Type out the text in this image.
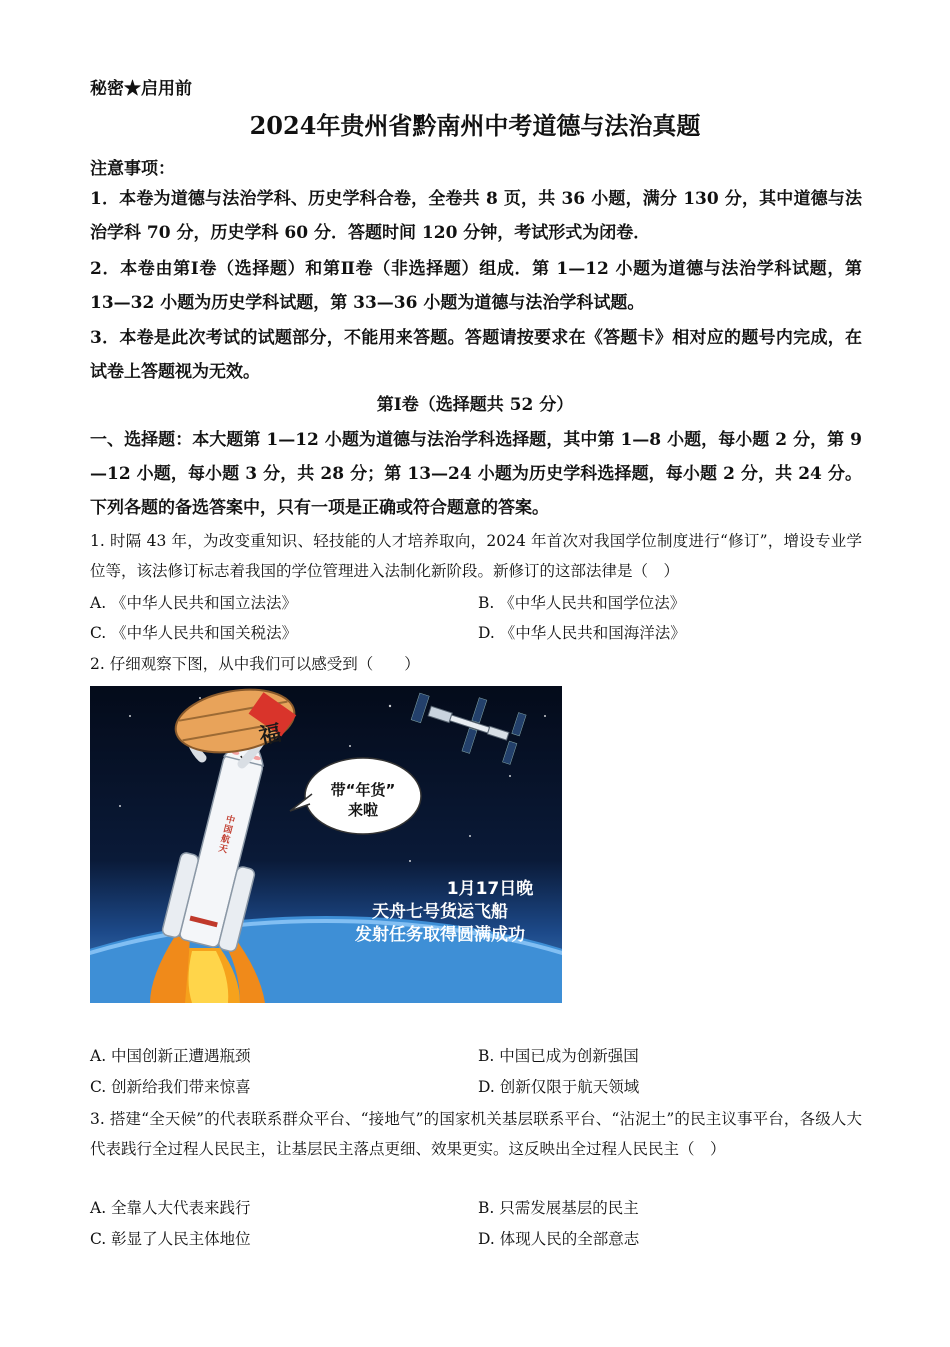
秘密★启用前
2024年贵州省黔南州中考道德与法治真题
注意事项：
1．本卷为道德与法治学科、历史学科合卷，全卷共 8 页，共 36 小题，满分 130 分，其中道德与法治学科 70 分，历史学科 60 分．答题时间 120 分钟，考试形式为闭卷．
2．本卷由第Ⅰ卷（选择题）和第Ⅱ卷（非选择题）组成．第 1—12 小题为道德与法治学科试题，第 13—32 小题为历史学科试题，第 33—36 小题为道德与法治学科试题。
3．本卷是此次考试的试题部分，不能用来答题。答题请按要求在《答题卡》相对应的题号内完成，在试卷上答题视为无效。
第Ⅰ卷（选择题共 52 分）
一、选择题：本大题第 1—12 小题为道德与法治学科选择题，其中第 1—8 小题，每小题 2 分，第 9—12 小题，每小题 3 分，共 28 分；第 13—24 小题为历史学科选择题，每小题 2 分，共 24 分。下列各题的备选答案中，只有一项是正确或符合题意的答案。
1. 时隔 43 年，为改变重知识、轻技能的人才培养取向，2024 年首次对我国学位制度进行“修订”，增设专业学位等，该法修订标志着我国的学位管理进入法制化新阶段。新修订的这部法律是（　）
A. 《中华人民共和国立法法》	B. 《中华人民共和国学位法》
C. 《中华人民共和国关税法》	D. 《中华人民共和国海洋法》
2. 仔细观察下图，从中我们可以感受到（　　）
福
中国航天
带“年货”
来啦
1月17日晚
天舟七号货运飞船
发射任务取得圆满成功
A. 中国创新正遭遇瓶颈	B. 中国已成为创新强国
C. 创新给我们带来惊喜	D. 创新仅限于航天领域
3. 搭建“全天候”的代表联系群众平台、“接地气”的国家机关基层联系平台、“沾泥土”的民主议事平台，各级人大代表践行全过程人民民主，让基层民主落点更细、效果更实。这反映出全过程人民民主（　）
A. 全靠人大代表来践行	B. 只需发展基层的民主
C. 彰显了人民主体地位	D. 体现人民的全部意志
